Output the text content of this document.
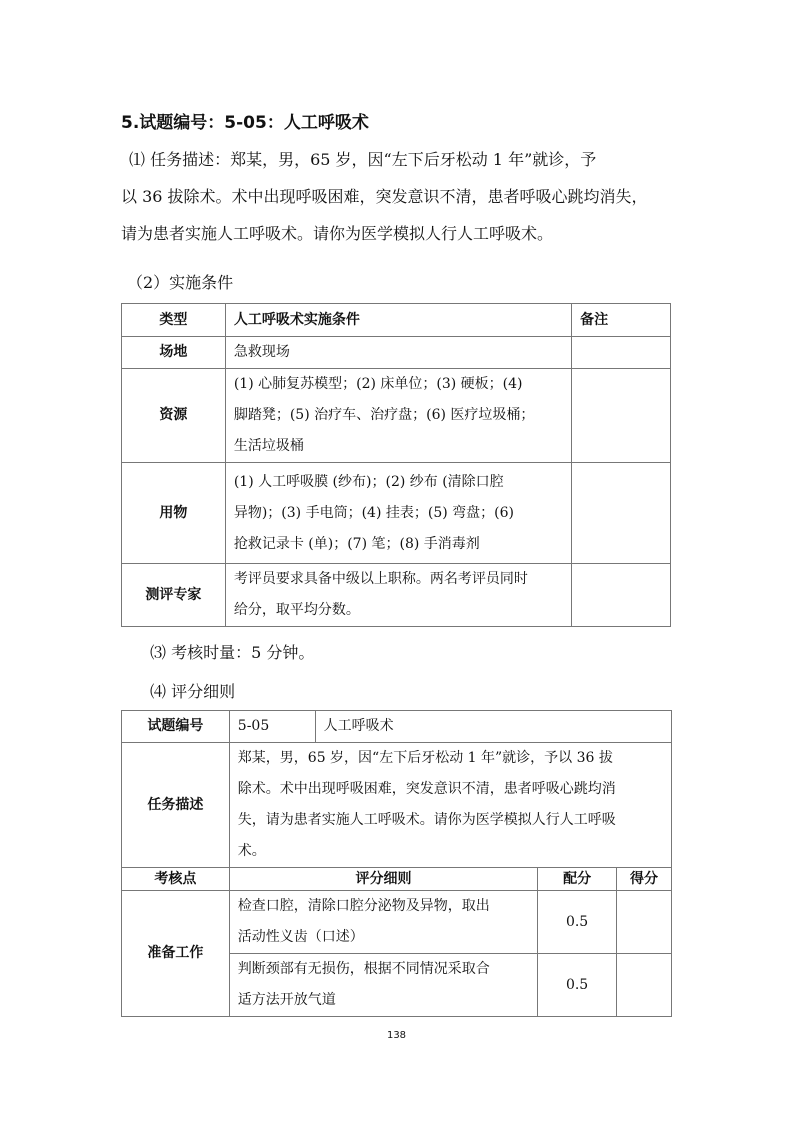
5.试题编号：5-05：人工呼吸术
⑴ 任务描述：郑某，男，65 岁，因“左下后牙松动 1 年”就诊，予
以 36 拔除术。术中出现呼吸困难，突发意识不清，患者呼吸心跳均消失，
请为患者实施人工呼吸术。请你为医学模拟人行人工呼吸术。
（2）实施条件
类型	人工呼吸术实施条件	备注
场地	急救现场	

资源	(1) 心肺复苏模型；(2) 床单位；(3) 硬板；(4)
脚踏凳；(5) 治疗车、治疗盘；(6) 医疗垃圾桶；
生活垃圾桶	

用物	(1) 人工呼吸膜 (纱布)；(2) 纱布 (清除口腔
异物)；(3) 手电筒；(4) 挂表；(5) 弯盘；(6)
抢救记录卡 (单)；(7) 笔；(8) 手消毒剂	

测评专家	考评员要求具备中级以上职称。两名考评员同时
给分，取平均分数。	

⑶ 考核时量：5 分钟。
⑷ 评分细则
试题编号	5-05	人工呼吸术		
任务描述	郑某，男，65 岁，因“左下后牙松动 1 年”就诊，予以 36 拔
除术。术中出现呼吸困难，突发意识不清，患者呼吸心跳均消
失，请为患者实施人工呼吸术。请你为医学模拟人行人工呼吸
术。			

考核点	评分细则		配分	得分
准备工作	检查口腔，清除口腔分泌物及异物，取出
活动性义齿（口述）		0.5	

	判断颈部有无损伤，根据不同情况采取合
适方法开放气道		0.5	
138
